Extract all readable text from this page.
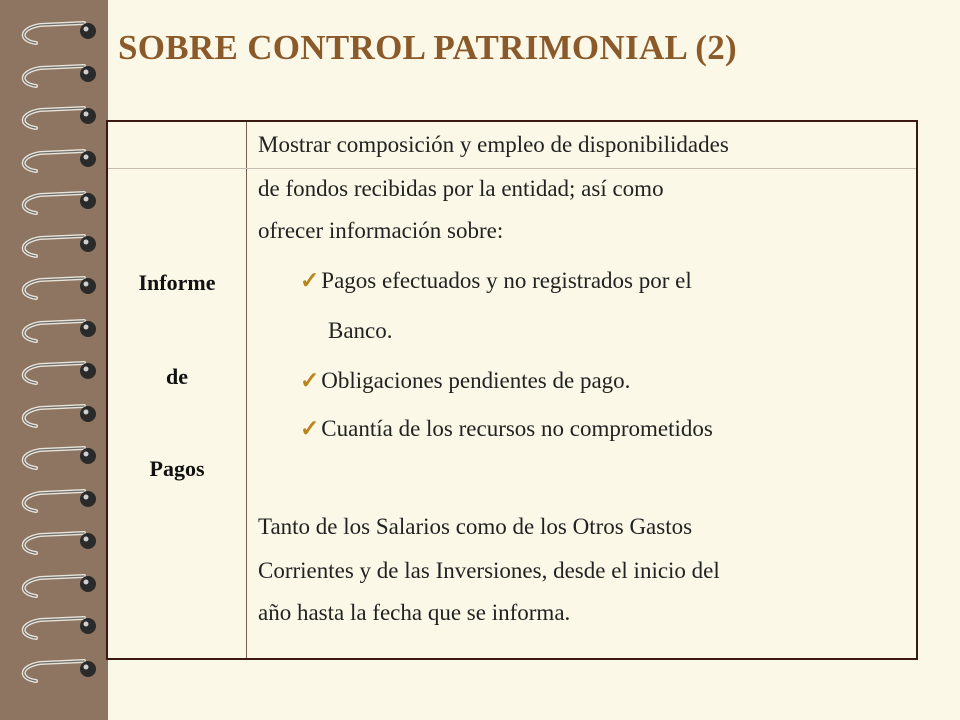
SOBRE CONTROL PATRIMONIAL (2)
Informe
de
Pagos
Mostrar composición y empleo de disponibilidades
de fondos recibidas por la entidad; así como
ofrecer información sobre:
✓Pagos efectuados y no registrados por el
Banco.
✓Obligaciones pendientes de pago.
✓Cuantía de los recursos no comprometidos
Tanto de los Salarios como de los Otros Gastos
Corrientes y de las Inversiones, desde el inicio del
año hasta la fecha que se informa.
